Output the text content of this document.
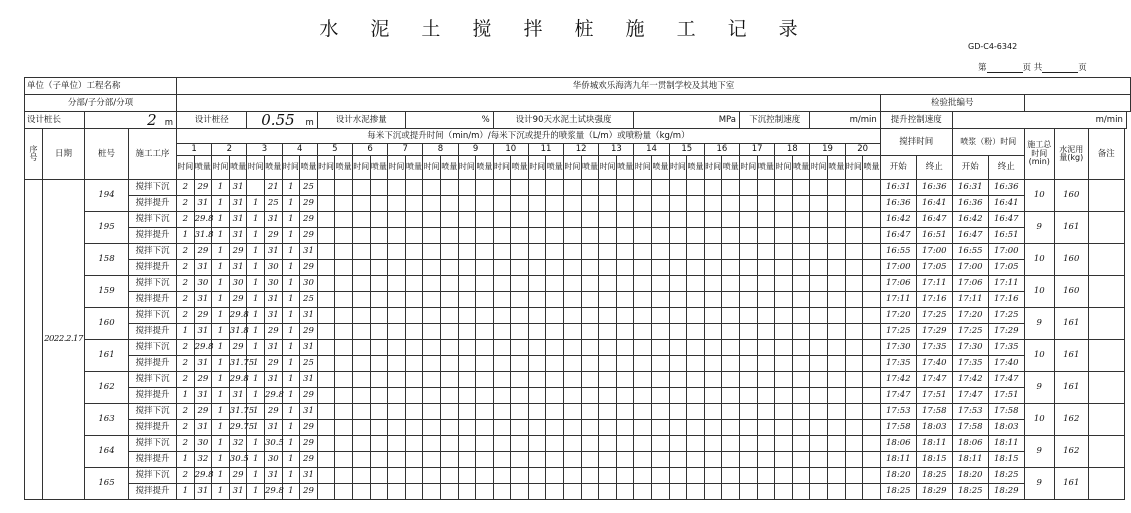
水 泥 土 搅 拌 桩 施 工 记 录
GD-C4-6342
第	页 共	页
单位（子单位）工程名称				华侨城欢乐海湾九年一贯制学校及其地下室																																														
分部/子分部/分项																																												检验批编号						
设计桩长		2 m		设计桩径				0.55 m				设计水泥掺量					%					设计90天水泥土试块强度								MPa						下沉控制速度				m/min				提升控制速度		m/min				

序号	日期	桩号	施工工序	每米下沉或提升时间（min/m）/每米下沉或提升的喷浆量（L/m）或喷粉量（kg/m）																																								搅拌时间		喷浆（粉）时间		施工总时间(min)	水泥用量(kg)	备注
				1		2		3		4		5		6		7		8		9		10		11		12		13		14		15		16		17		18		19		20								

				时间	喷量	时间	喷量	时间	喷量	时间	喷量	时间	喷量	时间	喷量	时间	喷量	时间	喷量	时间	喷量	时间	喷量	时间	喷量	时间	喷量	时间	喷量	时间	喷量	时间	喷量	时间	喷量	时间	喷量	时间	喷量	时间	喷量	时间	喷量	开始	终止	开始	终止			
	2022.2.17	194	搅拌下沉	2	29	1	31		21	1	25																																	16:31	16:36	16:31	16:36	10	160	
			搅拌提升	2	31	1	31	1	25	1	29																																	16:36	16:41	16:36	16:41			
		195	搅拌下沉	2	29.8	1	31	1	31	1	29																																	16:42	16:47	16:42	16:47	9	161	
			搅拌提升	1	31.8	1	31	1	29	1	29																																	16:47	16:51	16:47	16:51			
		158	搅拌下沉	2	29	1	29	1	31	1	31																																	16:55	17:00	16:55	17:00	10	160	
			搅拌提升	2	31	1	31	1	30	1	29																																	17:00	17:05	17:00	17:05			
		159	搅拌下沉	2	30	1	30	1	30	1	30																																	17:06	17:11	17:06	17:11	10	160	
			搅拌提升	2	31	1	29	1	31	1	25																																	17:11	17:16	17:11	17:16			
		160	搅拌下沉	2	29	1	29.8	1	31	1	31																																	17:20	17:25	17:20	17:25	9	161	
			搅拌提升	1	31	1	31.8	1	29	1	29																																	17:25	17:29	17:25	17:29			
		161	搅拌下沉	2	29.8	1	29	1	31	1	31																																	17:30	17:35	17:30	17:35	10	161	
			搅拌提升	2	31	1	31.75	1	29	1	25																																	17:35	17:40	17:35	17:40			
		162	搅拌下沉	2	29	1	29.8	1	31	1	31																																	17:42	17:47	17:42	17:47	9	161	
			搅拌提升	1	31	1	31	1	29.8	1	29																																	17:47	17:51	17:47	17:51			
		163	搅拌下沉	2	29	1	31.75	1	29	1	31																																	17:53	17:58	17:53	17:58	10	162	
			搅拌提升	2	31	1	29.75	1	31	1	29																																	17:58	18:03	17:58	18:03			
		164	搅拌下沉	2	30	1	32	1	30.5	1	29																																	18:06	18:11	18:06	18:11	9	162	
			搅拌提升	1	32	1	30.5	1	30	1	29																																	18:11	18:15	18:11	18:15			
		165	搅拌下沉	2	29.8	1	29	1	31	1	31																																	18:20	18:25	18:20	18:25	9	161	
			搅拌提升	1	31	1	31	1	29.8	1	29																																	18:25	18:29	18:25	18:29			
